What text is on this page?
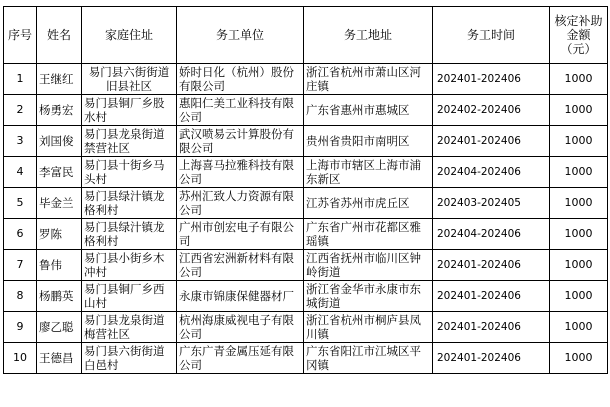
序号	姓名	家庭住址	务工单位	务工地址	务工时间	核定补助金额（元）
1	王继红	易门县六街街道旧县社区	娇时日化（杭州）股份有限公司	浙江省杭州市萧山区河庄镇	202401-202406	1000
2	杨勇宏	易门县铜厂乡股水村	惠阳仁美工业科技有限公司	广东省惠州市惠城区	202402-202406	1000
3	刘国俊	易门县龙泉街道禁营社区	武汉喷易云计算股份有限公司	贵州省贵阳市南明区	202401-202406	1000
4	李富民	易门县十街乡马头村	上海喜马拉雅科技有限公司	上海市市辖区上海市浦东新区	202404-202406	1000
5	毕金兰	易门县绿汁镇龙格利村	苏州汇致人力资源有限公司	江苏省苏州市虎丘区	202403-202405	1000
6	罗陈	易门县绿汁镇龙格利村	广州市创宏电子有限公司	广东省广州市花都区雅瑶镇	202404-202406	1000
7	鲁伟	易门县小街乡木冲村	江西省宏洲新材料有限公司	江西省抚州市临川区钟岭街道	202401-202406	1000
8	杨鹏英	易门县铜厂乡西山村	永康市锦康保健器材厂	浙江省金华市永康市东城街道	202401-202406	1000
9	廖乙聪	易门县龙泉街道梅营社区	杭州海康威视电子有限公司	浙江省杭州市桐庐县凤川镇	202401-202406	1000
10	王德昌	易门县六街街道白邑村	广东广青金属压延有限公司	广东省阳江市江城区平冈镇	202401-202406	1000
